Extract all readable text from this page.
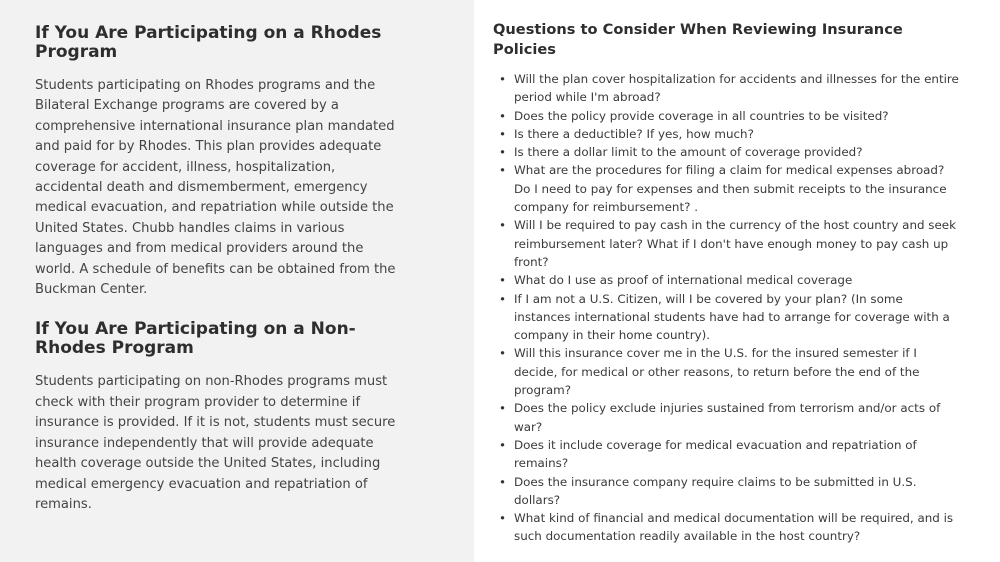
If You Are Participating on a Rhodes Program

Students participating on Rhodes programs and the Bilateral Exchange programs are covered by a comprehensive international insurance plan mandated and paid for by Rhodes. This plan provides adequate coverage for accident, illness, hospitalization, accidental death and dismemberment, emergency medical evacuation, and repatriation while outside the United States. Chubb handles claims in various languages and from medical providers around the world. A schedule of benefits can be obtained from the Buckman Center.

If You Are Participating on a Non-Rhodes Program

Students participating on non-Rhodes programs must check with their program provider to determine if insurance is provided. If it is not, students must secure insurance independently that will provide adequate health coverage outside the United States, including medical emergency evacuation and repatriation of remains.

Questions to Consider When Reviewing Insurance Policies
• Will the plan cover hospitalization for accidents and illnesses for the entire period while I'm abroad?
• Does the policy provide coverage in all countries to be visited?
• Is there a deductible? If yes, how much?
• Is there a dollar limit to the amount of coverage provided?
• What are the procedures for filing a claim for medical expenses abroad? Do I need to pay for expenses and then submit receipts to the insurance company for reimbursement? .
• Will I be required to pay cash in the currency of the host country and seek reimbursement later? What if I don't have enough money to pay cash up front?
• What do I use as proof of international medical coverage
• If I am not a U.S. Citizen, will I be covered by your plan? (In some instances international students have had to arrange for coverage with a company in their home country).
• Will this insurance cover me in the U.S. for the insured semester if I decide, for medical or other reasons, to return before the end of the program?
• Does the policy exclude injuries sustained from terrorism and/or acts of war?
• Does it include coverage for medical evacuation and repatriation of remains?
• Does the insurance company require claims to be submitted in U.S. dollars?
• What kind of financial and medical documentation will be required, and is such documentation readily available in the host country?
